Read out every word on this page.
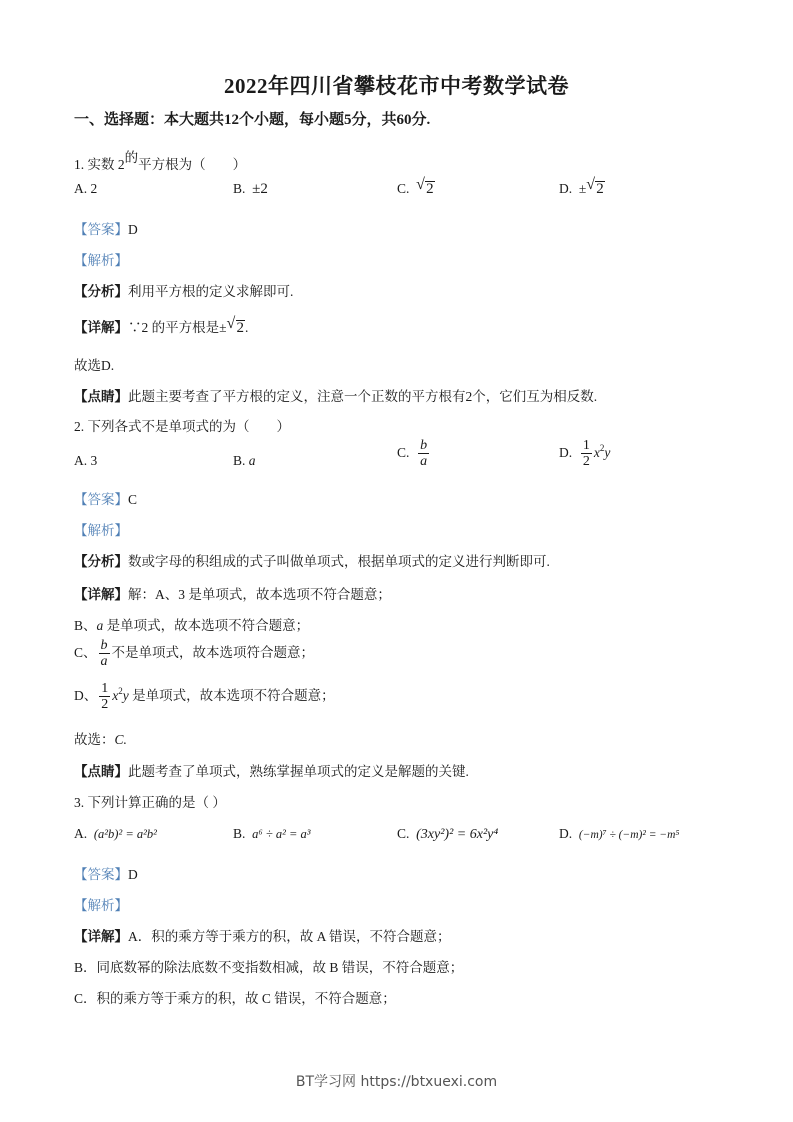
2022年四川省攀枝花市中考数学试卷
一、选择题：本大题共12个小题，每小题5分，共60分.
1. 实数 2的平方根为（　　）
A. 2	B. ±2	C. √ 2	D. ± √ 2
【答案】D
【解析】
【分析】利用平方根的定义求解即可.
【详解】∵2 的平方根是± √ 2.
故选D.
【点睛】此题主要考查了平方根的定义，注意一个正数的平方根有2个，它们互为相反数.
2. 下列各式不是单项式的为（　　）
A. 3	B. a
C. $\frac{b}{a}$	D. $\frac{1}{2} x^2y$
【答案】C
【解析】
【分析】数或字母的积组成的式子叫做单项式，根据单项式的定义进行判断即可.
【详解】解：A、3 是单项式，故本选项不符合题意；
B、a 是单项式，故本选项不符合题意；
C、 $\frac{b}{a}$ 不是单项式，故本选项符合题意；
D、 $\frac{1}{2} x^2y$ 是单项式，故本选项不符合题意；
故选：C.
【点睛】此题考查了单项式，熟练掌握单项式的定义是解题的关键.
3. 下列计算正确的是（ ）
A. (a²b)² = a²b²	B. a⁶ ÷ a² = a³	C. (3xy²)² = 6x²y⁴	D. (−m)⁷ ÷ (−m)² = −m⁵
【答案】D
【解析】
【详解】A．积的乘方等于乘方的积，故 A 错误，不符合题意；
B．同底数幂的除法底数不变指数相减，故 B 错误，不符合题意；
C．积的乘方等于乘方的积，故 C 错误，不符合题意；
BT学习网 https://btxuexi.com
